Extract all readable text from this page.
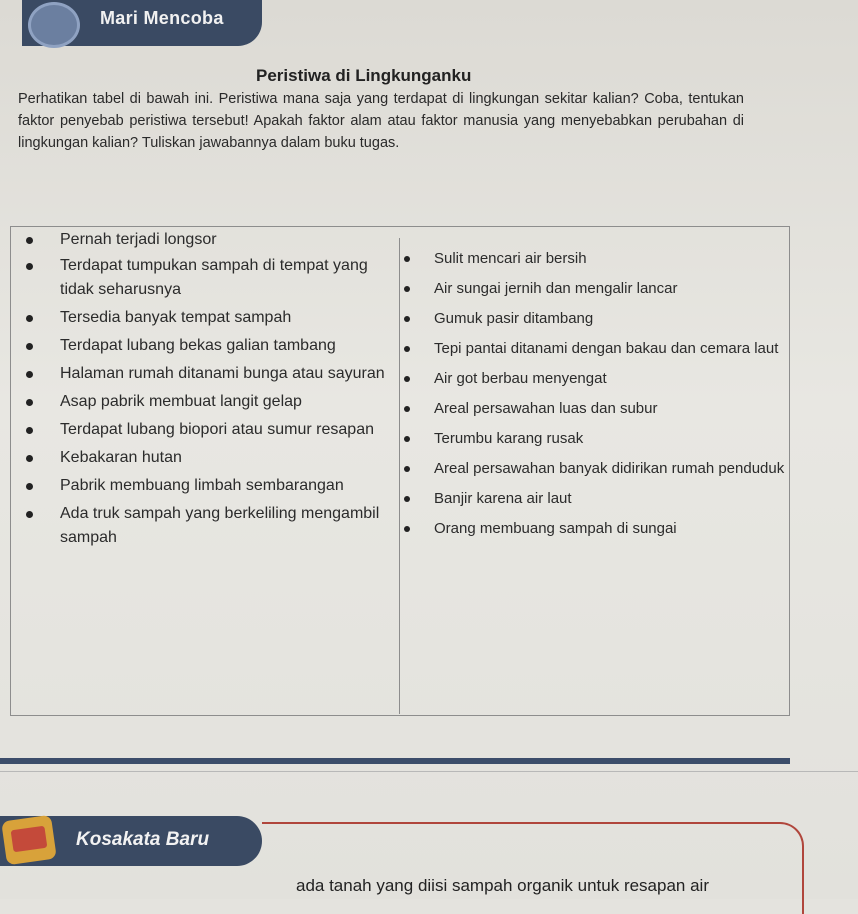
Mari Mencoba
Peristiwa di Lingkunganku

Perhatikan tabel di bawah ini. Peristiwa mana saja yang terdapat di lingkungan sekitar kalian? Coba, tentukan faktor penyebab peristiwa tersebut! Apakah faktor alam atau faktor manusia yang menyebabkan perubahan di lingkungan kalian? Tuliskan jawabannya dalam buku tugas.

Pernah terjadi longsor
Terdapat tumpukan sampah di tempat yang tidak seharusnya
Tersedia banyak tempat sampah
Terdapat lubang bekas galian tambang
Halaman rumah ditanami bunga atau sayuran
Asap pabrik membuat langit gelap
Terdapat lubang biopori atau sumur resapan
Kebakaran hutan
Pabrik membuang limbah sembarangan
Ada truk sampah yang berkeliling mengambil sampah
Sulit mencari air bersih
Air sungai jernih dan mengalir lancar
Gumuk pasir ditambang
Tepi pantai ditanami dengan bakau dan cemara laut
Air got berbau menyengat
Areal persawahan luas dan subur
Terumbu karang rusak
Areal persawahan banyak didirikan rumah penduduk
Banjir karena air laut
Orang membuang sampah di sungai
Kosakata Baru
ada tanah yang diisi sampah organik untuk resapan air
